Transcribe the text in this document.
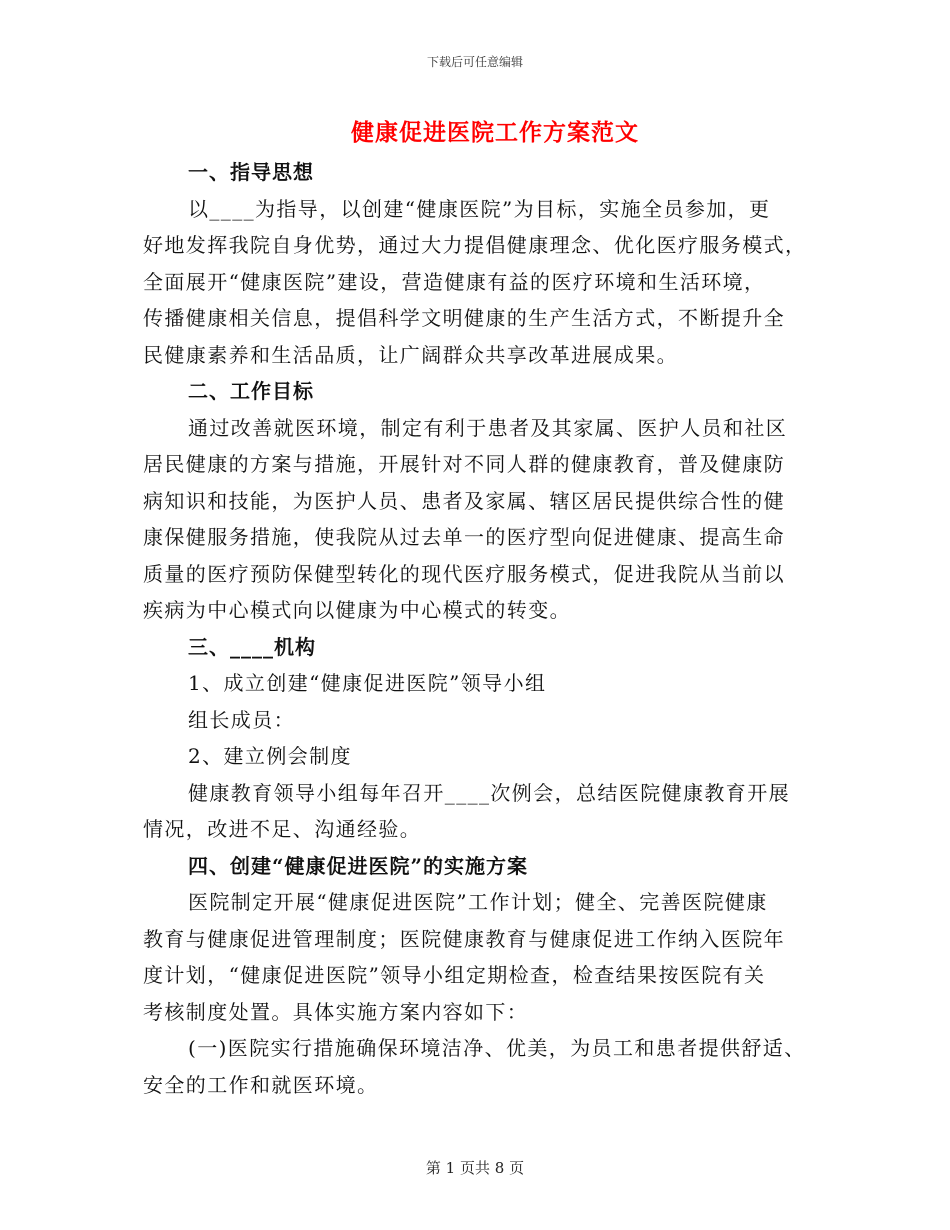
下载后可任意编辑
健康促进医院工作方案范文
一、指导思想
以____为指导，以创建“健康医院”为目标，实施全员参加，更
好地发挥我院自身优势，通过大力提倡健康理念、优化医疗服务模式，
全面展开“健康医院”建设，营造健康有益的医疗环境和生活环境，
传播健康相关信息，提倡科学文明健康的生产生活方式，不断提升全
民健康素养和生活品质，让广阔群众共享改革进展成果。
二、工作目标
通过改善就医环境，制定有利于患者及其家属、医护人员和社区
居民健康的方案与措施，开展针对不同人群的健康教育，普及健康防
病知识和技能，为医护人员、患者及家属、辖区居民提供综合性的健
康保健服务措施，使我院从过去单一的医疗型向促进健康、提高生命
质量的医疗预防保健型转化的现代医疗服务模式，促进我院从当前以
疾病为中心模式向以健康为中心模式的转变。
三、____机构
1、成立创建“健康促进医院”领导小组
组长成员：
2、建立例会制度
健康教育领导小组每年召开____次例会，总结医院健康教育开展
情况，改进不足、沟通经验。
四、创建“健康促进医院”的实施方案
医院制定开展“健康促进医院”工作计划；健全、完善医院健康
教育与健康促进管理制度；医院健康教育与健康促进工作纳入医院年
度计划，“健康促进医院”领导小组定期检查，检查结果按医院有关
考核制度处置。具体实施方案内容如下：
(一)医院实行措施确保环境洁净、优美，为员工和患者提供舒适、
安全的工作和就医环境。
第 1 页共 8 页
